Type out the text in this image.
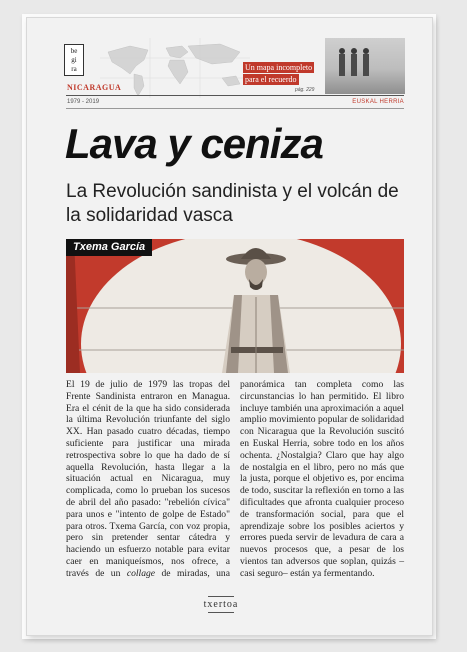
be
gi
ra
NICARAGUA
Un mapa incompleto
para el recuerdo
pág. 229
1979 - 2019	EUSKAL HERRIA
Lava y ceniza
La Revolución sandinista y el volcán de la solidaridad vasca
Txema García

El 19 de julio de 1979 las tropas del Frente Sandinista entraron en Managua. Era el cénit de la que ha sido considerada la última Revolución triunfante del siglo XX. Han pasado cuatro décadas, tiempo suficiente para justificar una mirada retrospectiva sobre lo que ha dado de sí aquella Revolución, hasta llegar a la situación actual en Nicaragua, muy complicada, como lo prueban los sucesos de abril del año pasado: "rebelión cívica" para unos e "intento de golpe de Estado" para otros. Txema García, con voz propia, pero sin pretender sentar cátedra y haciendo un esfuerzo notable para evitar caer en maniqueísmos, nos ofrece, a través de un collage de miradas, una panorámica tan completa como las circunstancias lo han permitido. El libro incluye también una aproximación a aquel amplio movimiento popular de solidaridad con Nicaragua que la Revolución suscitó en Euskal Herria, sobre todo en los años ochenta. ¿Nostalgia? Claro que hay algo de nostalgia en el libro, pero no más que la justa, porque el objetivo es, por encima de todo, suscitar la reflexión en torno a las dificultades que afronta cualquier proceso de transformación social, para que el aprendizaje sobre los posibles aciertos y errores pueda servir de levadura de cara a nuevos procesos que, a pesar de los vientos tan adversos que soplan, quizás –casi seguro– están ya fermentando.

txertoa
